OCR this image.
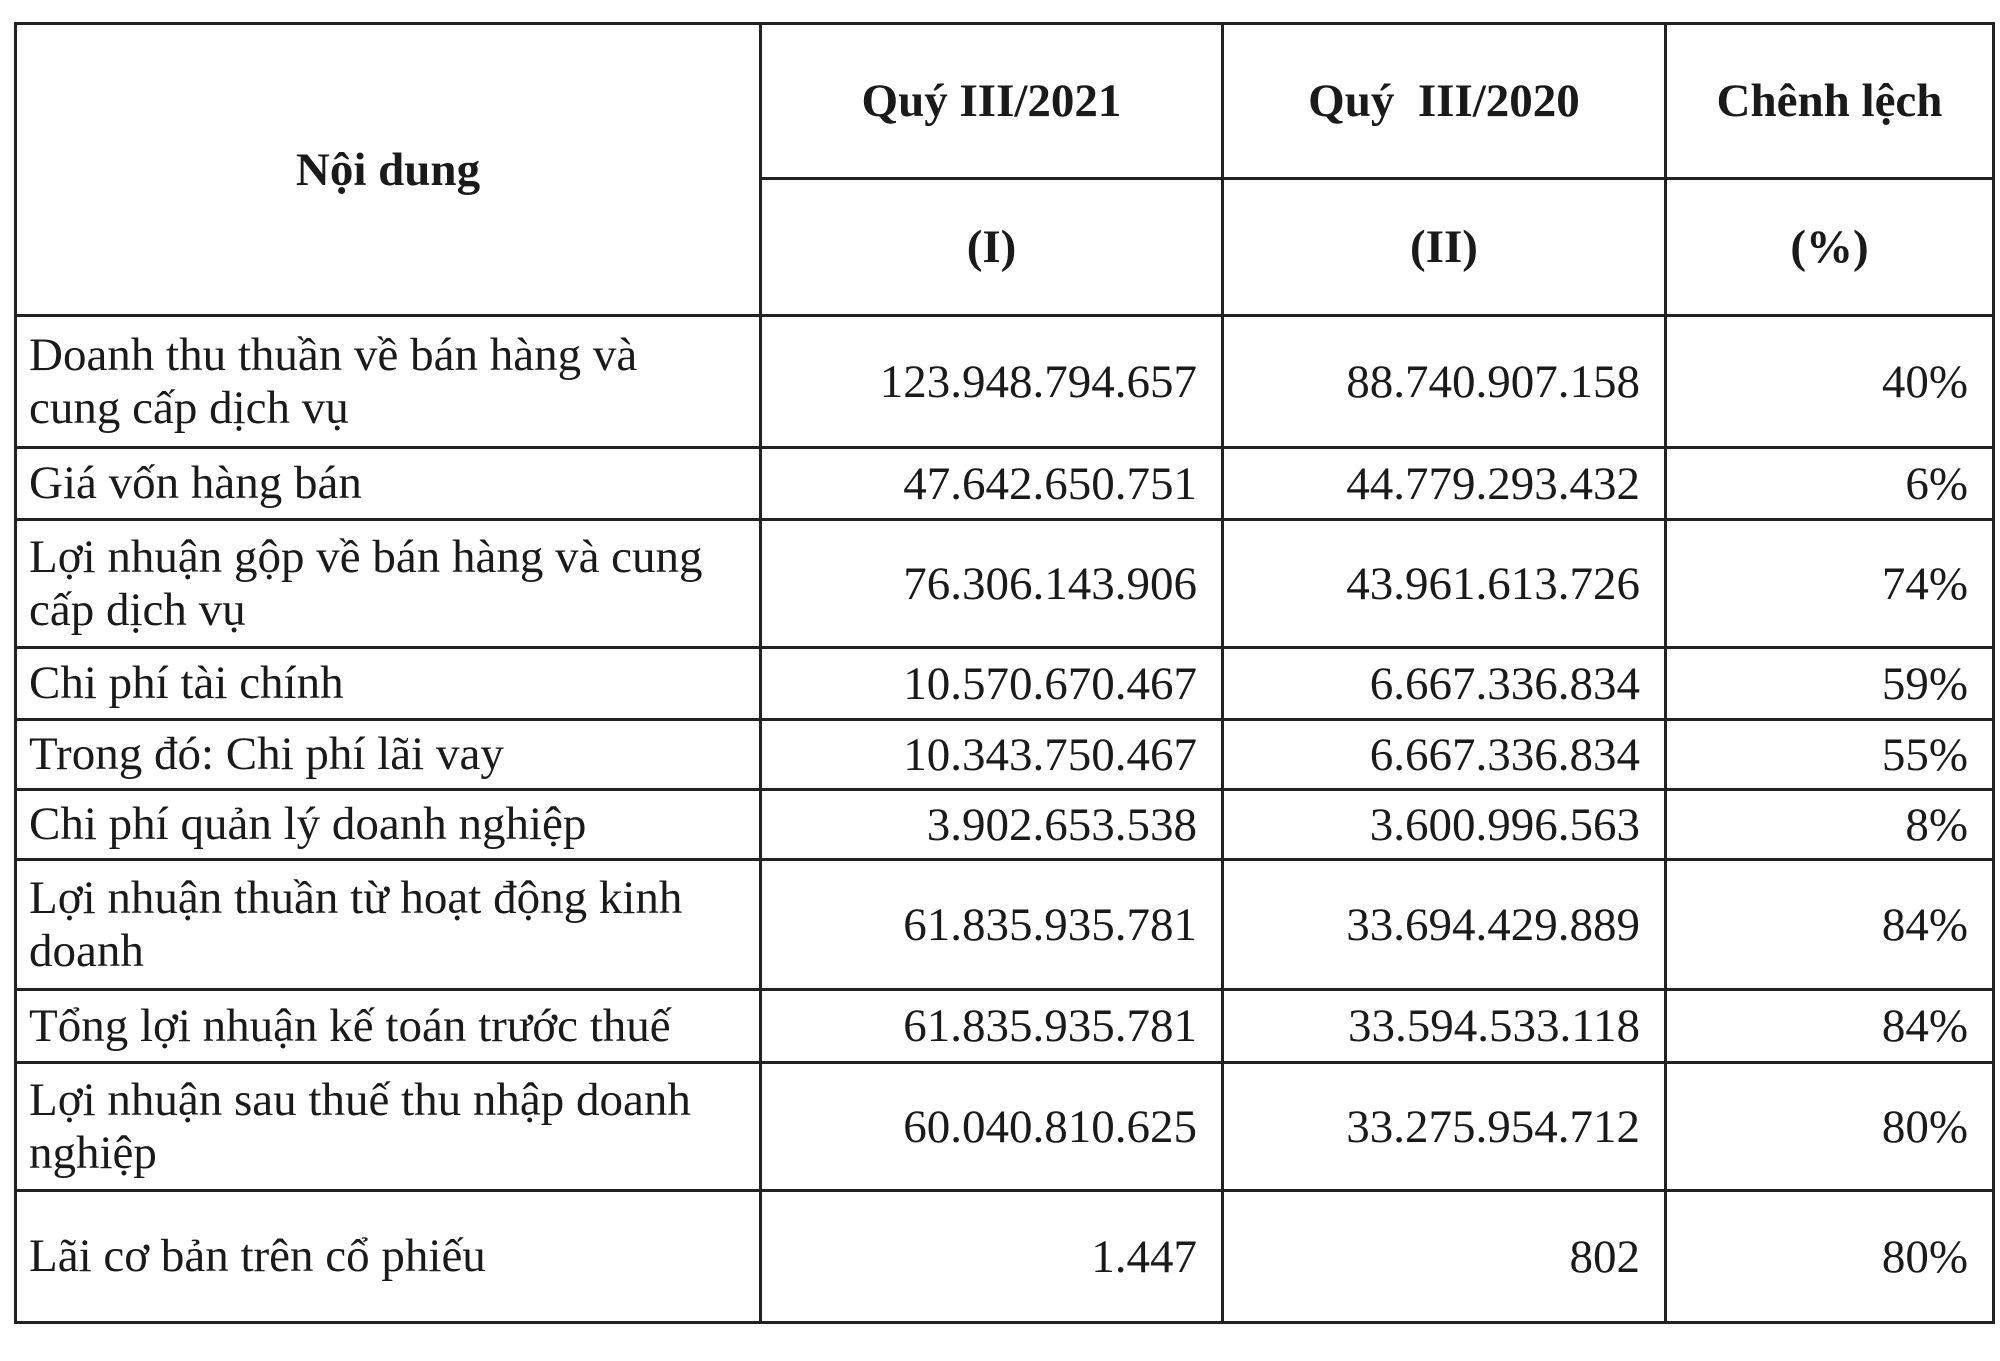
Nội dung	Quý III/2021	Quý  III/2020	Chênh lệch
	(I)	(II)	(%)
Doanh thu thuần về bán hàng và cung cấp dịch vụ	123.948.794.657	88.740.907.158	40%
Giá vốn hàng bán	47.642.650.751	44.779.293.432	6%
Lợi nhuận gộp về bán hàng và cung cấp dịch vụ	76.306.143.906	43.961.613.726	74%
Chi phí tài chính	10.570.670.467	6.667.336.834	59%
Trong đó: Chi phí lãi vay	10.343.750.467	6.667.336.834	55%
Chi phí quản lý doanh nghiệp	3.902.653.538	3.600.996.563	8%
Lợi nhuận thuần từ hoạt động kinh doanh	61.835.935.781	33.694.429.889	84%
Tổng lợi nhuận kế toán trước thuế	61.835.935.781	33.594.533.118	84%
Lợi nhuận sau thuế thu nhập doanh nghiệp	60.040.810.625	33.275.954.712	80%
Lãi cơ bản trên cổ phiếu	1.447	802	80%
